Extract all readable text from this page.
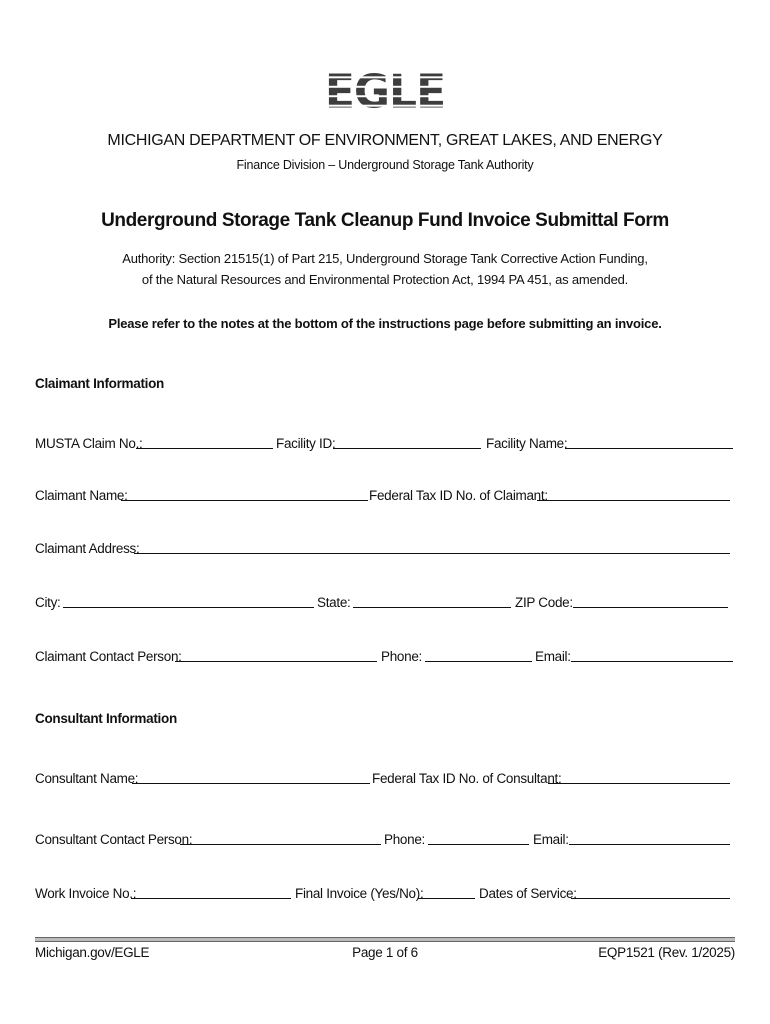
EGLE
MICHIGAN DEPARTMENT OF ENVIRONMENT, GREAT LAKES, AND ENERGY
Finance Division – Underground Storage Tank Authority
Underground Storage Tank Cleanup Fund Invoice Submittal Form
Authority: Section 21515(1) of Part 215, Underground Storage Tank Corrective Action Funding,
of the Natural Resources and Environmental Protection Act, 1994 PA 451, as amended.
Please refer to the notes at the bottom of the instructions page before submitting an invoice.
Claimant Information
MUSTA Claim No.:	Facility ID:	Facility Name:
Claimant Name:	Federal Tax ID No. of Claimant:
Claimant Address:
City:	State:	ZIP Code:
Claimant Contact Person:	Phone:	Email:
Consultant Information
Consultant Name:	Federal Tax ID No. of Consultant:
Consultant Contact Person:	Phone:	Email:
Work Invoice No.:	Final Invoice (Yes/No):	Dates of Service:
Michigan.gov/EGLE	Page 1 of 6	EQP1521 (Rev. 1/2025)
